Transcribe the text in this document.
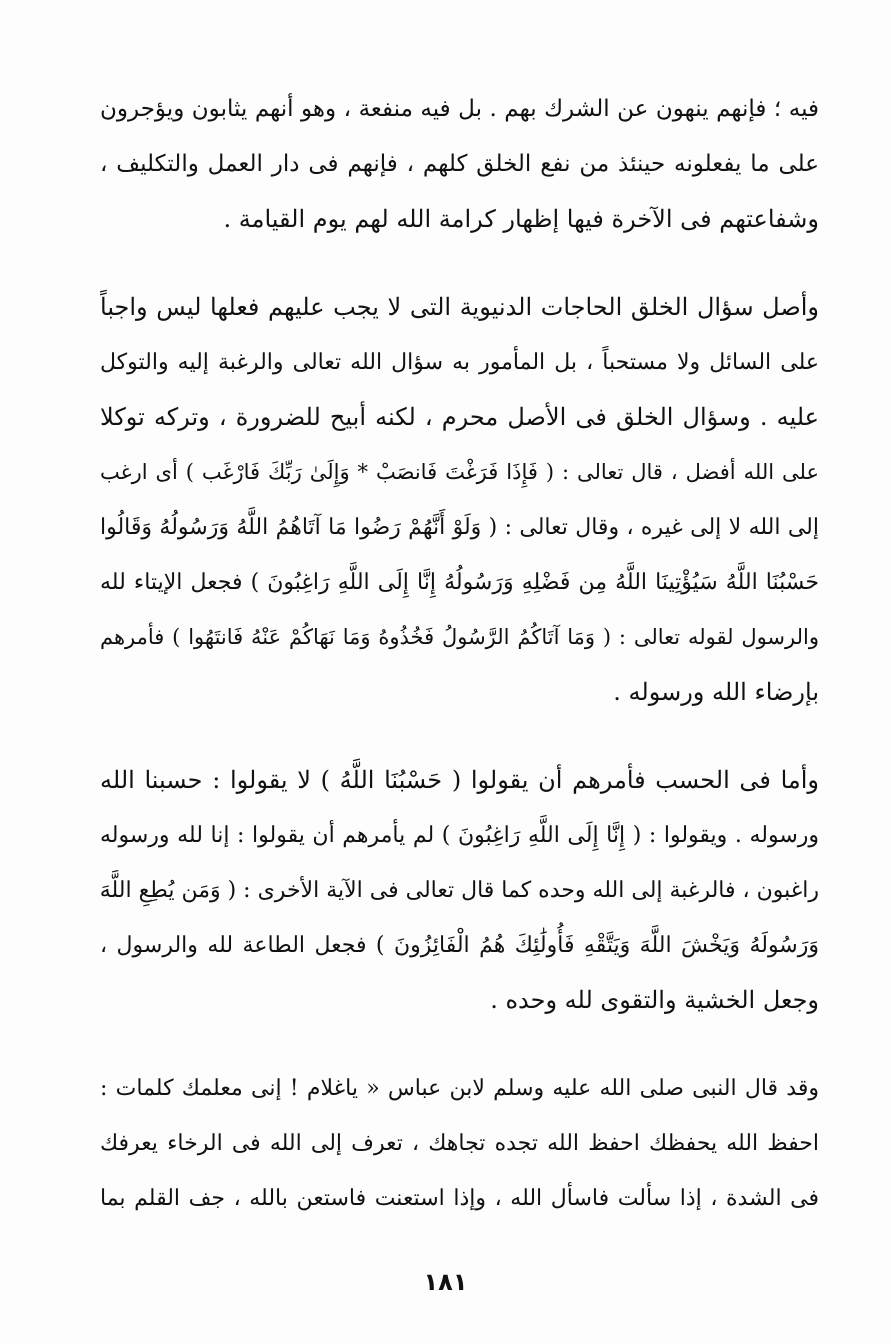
فيه ؛ فإنهم ينهون عن الشرك بهم . بل فيه منفعة ، وهو أنهم يثابون ويؤجرون
على ما يفعلونه حينئذ من نفع الخلق كلهم ، فإنهم فى دار العمل والتكليف ،
وشفاعتهم فى الآخرة فيها إظهار كرامة الله لهم يوم القيامة .
وأصل سؤال الخلق الحاجات الدنيوية التى لا يجب عليهم فعلها ليس واجباً
على السائل ولا مستحباً ، بل المأمور به سؤال الله تعالى والرغبة إليه والتوكل
عليه . وسؤال الخلق فى الأصل محرم ، لكنه أبيح للضرورة ، وتركه توكلا
على الله أفضل ، قال تعالى : ( فَإِذَا فَرَغْتَ فَانصَبْ * وَإِلَىٰ رَبِّكَ فَارْغَب ) أى ارغب
إلى الله لا إلى غيره ، وقال تعالى : ( وَلَوْ أَنَّهُمْ رَضُوا مَا آتَاهُمُ اللَّهُ وَرَسُولُهُ وَقَالُوا
حَسْبُنَا اللَّهُ سَيُؤْتِينَا اللَّهُ مِن فَضْلِهِ وَرَسُولُهُ إِنَّا إِلَى اللَّهِ رَاغِبُونَ ) فجعل الإيتاء لله
والرسول لقوله تعالى : ( وَمَا آتَاكُمُ الرَّسُولُ فَخُذُوهُ وَمَا نَهَاكُمْ عَنْهُ فَانتَهُوا ) فأمرهم
بإرضاء الله ورسوله .
وأما فى الحسب فأمرهم أن يقولوا ( حَسْبُنَا اللَّهُ ) لا يقولوا : حسبنا الله
ورسوله . ويقولوا : ( إِنَّا إِلَى اللَّهِ رَاغِبُونَ ) لم يأمرهم أن يقولوا : إنا لله ورسوله
راغبون ، فالرغبة إلى الله وحده كما قال تعالى فى الآية الأخرى : ( وَمَن يُطِعِ اللَّهَ
وَرَسُولَهُ وَيَخْشَ اللَّهَ وَيَتَّقْهِ فَأُولَٰئِكَ هُمُ الْفَائِزُونَ ) فجعل الطاعة لله والرسول ،
وجعل الخشية والتقوى لله وحده .
وقد قال النبى صلى الله عليه وسلم لابن عباس « ياغلام ! إنى معلمك كلمات :
احفظ الله يحفظك احفظ الله تجده تجاهك ، تعرف إلى الله فى الرخاء يعرفك
فى الشدة ، إذا سألت فاسأل الله ، وإذا استعنت فاستعن بالله ، جف القلم بما
١٨١
